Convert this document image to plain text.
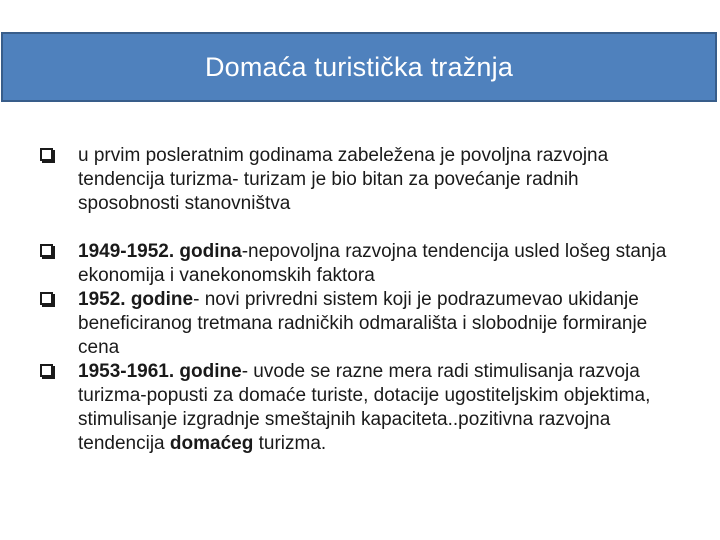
Domaća turistička tražnja
u prvim posleratnim godinama zabeležena je povoljna razvojna tendencija turizma- turizam je bio bitan za povećanje radnih sposobnosti stanovništva
1949-1952. godina-nepovoljna razvojna tendencija usled lošeg stanja ekonomija i vanekonomskih faktora
1952. godine- novi privredni sistem koji je podrazumevao ukidanje beneficiranog tretmana radničkih odmarališta i slobodnije formiranje cena
1953-1961. godine- uvode se razne mera radi stimulisanja razvoja turizma-popusti za domaće turiste, dotacije ugostiteljskim objektima, stimulisanje izgradnje smeštajnih kapaciteta..pozitivna razvojna tendencija domaćeg turizma.
